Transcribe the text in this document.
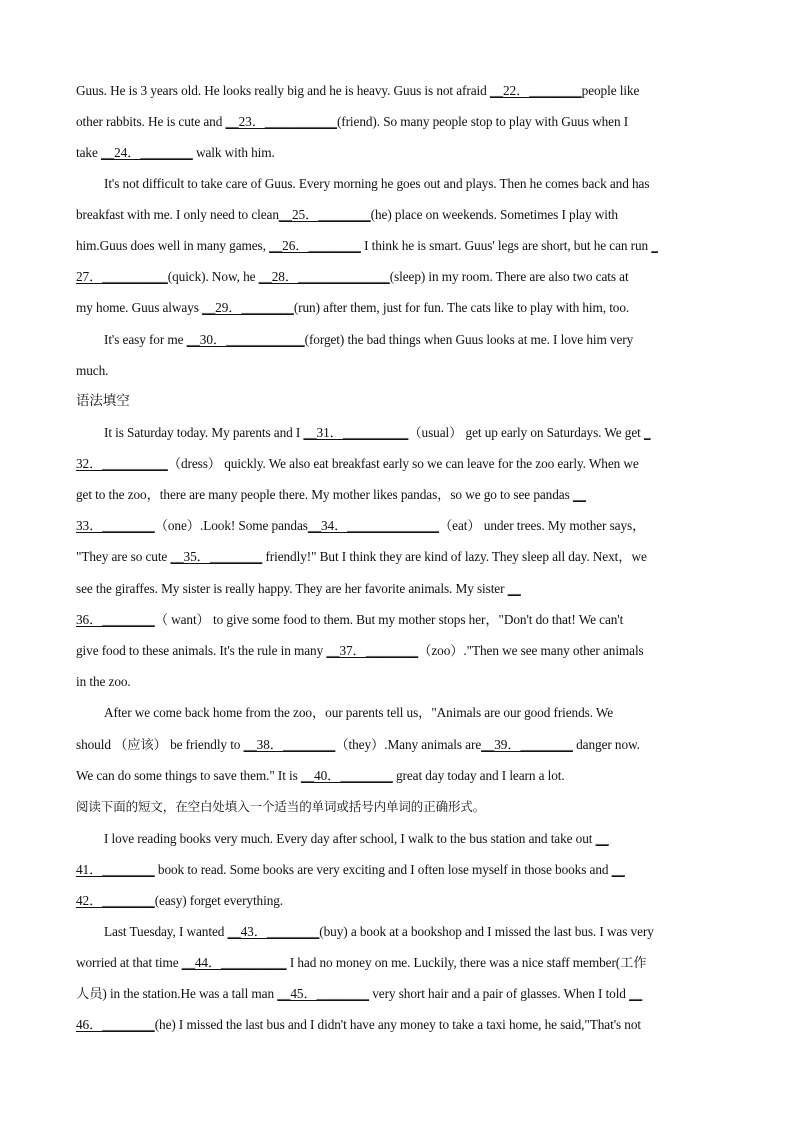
Guus. He is 3 years old. He looks really big and he is heavy. Guus is not afraid __22．________people like
other rabbits. He is cute and __23．___________(friend). So many people stop to play with Guus when I
take __24．________ walk with him.
It's not difficult to take care of Guus. Every morning he goes out and plays. Then he comes back and has
breakfast with me. I only need to clean__25．________(he) place on weekends. Sometimes I play with
him.Guus does well in many games, __26．________ I think he is smart. Guus' legs are short, but he can run _
27．__________(quick). Now, he __28．______________(sleep) in my room. There are also two cats at
my home. Guus always __29．________(run) after them, just for fun. The cats like to play with him, too.
It's easy for me __30．____________(forget) the bad things when Guus looks at me. I love him very
much.
语法填空
It is Saturday today. My parents and I __31．__________（usual） get up early on Saturdays. We get _
32．__________（dress） quickly. We also eat breakfast early so we can leave for the zoo early. When we
get to the zoo，there are many people there. My mother likes pandas，so we go to see pandas __
33．________（one）.Look! Some pandas__34．______________（eat） under trees. My mother says，
"They are so cute __35．________ friendly!" But I think they are kind of lazy. They sleep all day. Next，we
see the giraffes. My sister is really happy. They are her favorite animals. My sister __
36．________（ want） to give some food to them. But my mother stops her，"Don't do that! We can't
give food to these animals. It's the rule in many __37．________（zoo）."Then we see many other animals
in the zoo.
After we come back home from the zoo，our parents tell us，"Animals are our good friends. We
should （应该） be friendly to __38．________（they）.Many animals are__39．________ danger now.
We can do some things to save them." It is __40．________ great day today and I learn a lot.
阅读下面的短文，在空白处填入一个适当的单词或括号内单词的正确形式。
I love reading books very much. Every day after school, I walk to the bus station and take out __
41．________ book to read. Some books are very exciting and I often lose myself in those books and __
42．________(easy) forget everything.
Last Tuesday, I wanted __43．________(buy) a book at a bookshop and I missed the last bus. I was very
worried at that time __44．__________ I had no money on me. Luckily, there was a nice staff member(工作
人员) in the station.He was a tall man __45．________ very short hair and a pair of glasses. When I told __
46．________(he) I missed the last bus and I didn't have any money to take a taxi home, he said,"That's not
